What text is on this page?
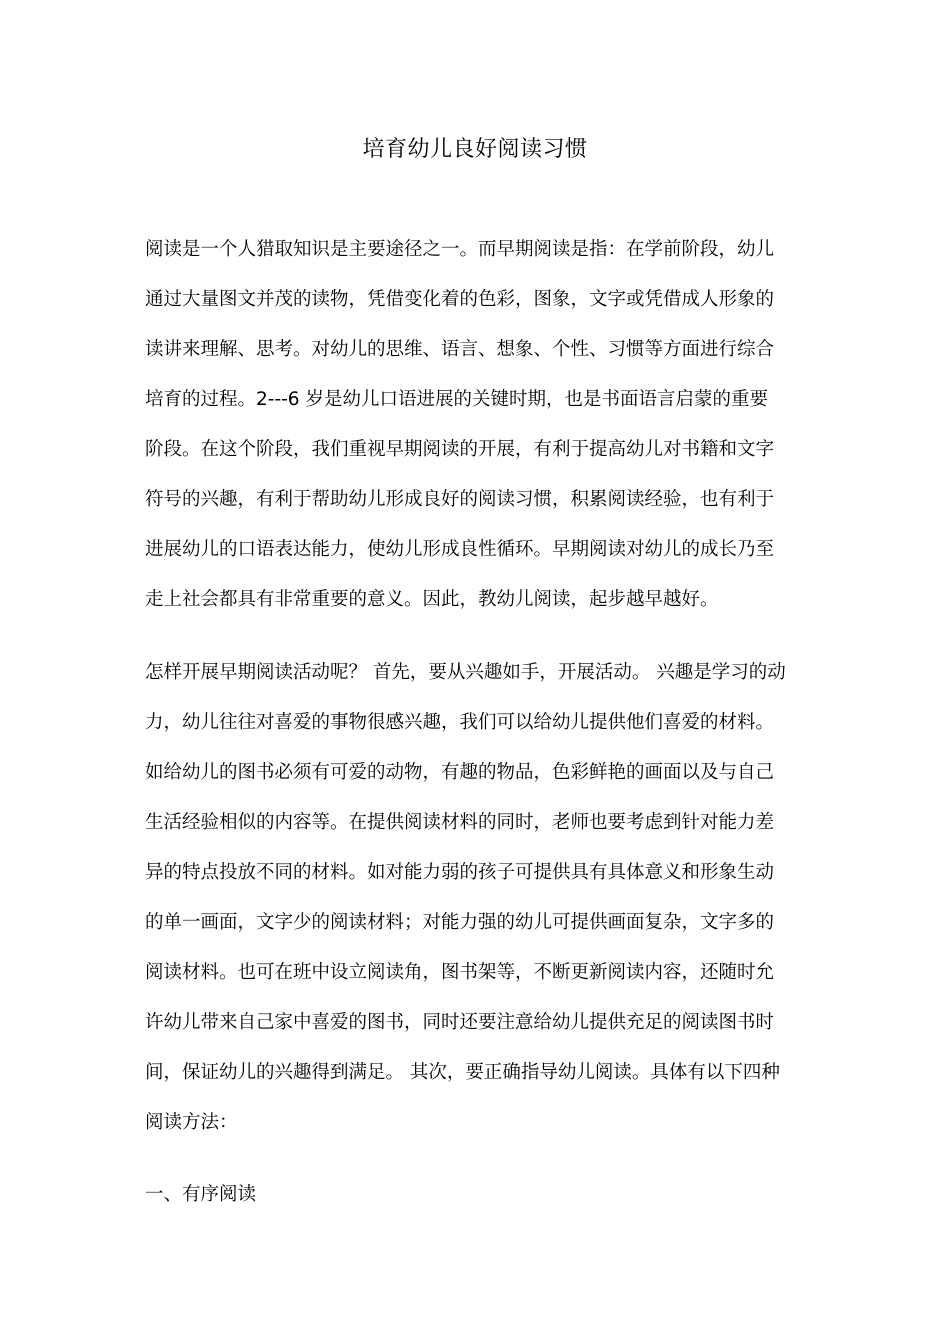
培育幼儿良好阅读习惯
阅读是一个人猎取知识是主要途径之一。而早期阅读是指：在学前阶段，幼儿
通过大量图文并茂的读物，凭借变化着的色彩，图象，文字或凭借成人形象的
读讲来理解、思考。对幼儿的思维、语言、想象、个性、习惯等方面进行综合
培育的过程。2---6 岁是幼儿口语进展的关键时期，也是书面语言启蒙的重要
阶段。在这个阶段，我们重视早期阅读的开展，有利于提高幼儿对书籍和文字
符号的兴趣，有利于帮助幼儿形成良好的阅读习惯，积累阅读经验，也有利于
进展幼儿的口语表达能力，使幼儿形成良性循环。早期阅读对幼儿的成长乃至
走上社会都具有非常重要的意义。因此，教幼儿阅读，起步越早越好。
怎样开展早期阅读活动呢？ 首先，要从兴趣如手，开展活动。 兴趣是学习的动
力，幼儿往往对喜爱的事物很感兴趣，我们可以给幼儿提供他们喜爱的材料。
如给幼儿的图书必须有可爱的动物，有趣的物品，色彩鲜艳的画面以及与自己
生活经验相似的内容等。在提供阅读材料的同时，老师也要考虑到针对能力差
异的特点投放不同的材料。如对能力弱的孩子可提供具有具体意义和形象生动
的单一画面，文字少的阅读材料；对能力强的幼儿可提供画面复杂，文字多的
阅读材料。也可在班中设立阅读角，图书架等，不断更新阅读内容，还随时允
许幼儿带来自己家中喜爱的图书，同时还要注意给幼儿提供充足的阅读图书时
间，保证幼儿的兴趣得到满足。 其次，要正确指导幼儿阅读。具体有以下四种
阅读方法：
一、有序阅读
